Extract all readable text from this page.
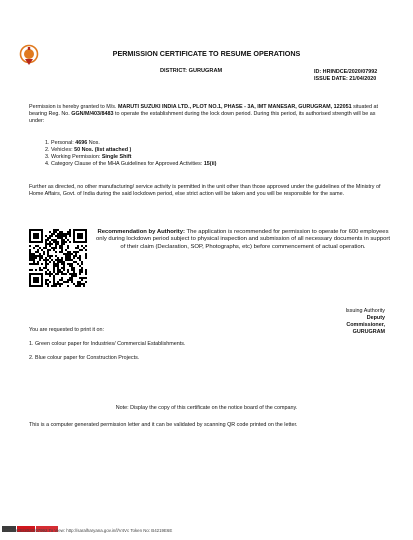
PERMISSION CERTIFICATE TO RESUME OPERATIONS
DISTRICT: GURUGRAM	ID: HRINDCE/2020/07992
ISSUE DATE: 21/04/2020
Permission is hereby granted to M/s. MARUTI SUZUKI INDIA LTD., PLOT NO.1, PHASE - 3A, IMT MANESAR, GURUGRAM, 122051 situated at bearing Reg. No. GGN/M/403/8483 to operate the establishment during the lock down period. During this period, its authorised strength will be as under:
1. Personal: 4696 Nos.
2. Vehicles: 50 Nos. (list attached )
3. Working Permission: Single Shift
4. Category Clause of the MHA Guidelines for Approved Activities: 15(ii)
Further as directed, no other manufacturing/ service activity is permitted in the unit other than those approved under the guidelines of the Ministry of Home Affairs, Govt. of India during the said lockdown period, else strict action will be taken and you will be responsible for the same.
Recommendation by Authority: The application is recommended for permission to operate for 600 employees only during lockdown period subject to physical inspection and submission of all necessary documents in support of their claim (Declaration, SOP, Photographs, etc) before commencement of actual operation.
Issuing Authority
Deputy
Commissioner,
GURUGRAM
You are requested to print it on:
1. Green colour paper for Industries/ Commercial Establishments.
2. Blue colour paper for Construction Projects.
Note: Display the copy of this certificate on the notice board of the company.
This is a computer generated permission letter and it can be validated by scanning QR code printed on the letter.
HRINDCE/2020/07992 To View: http://saralharyana.gov.in/l/V4Vc Token No: B4219E6E
